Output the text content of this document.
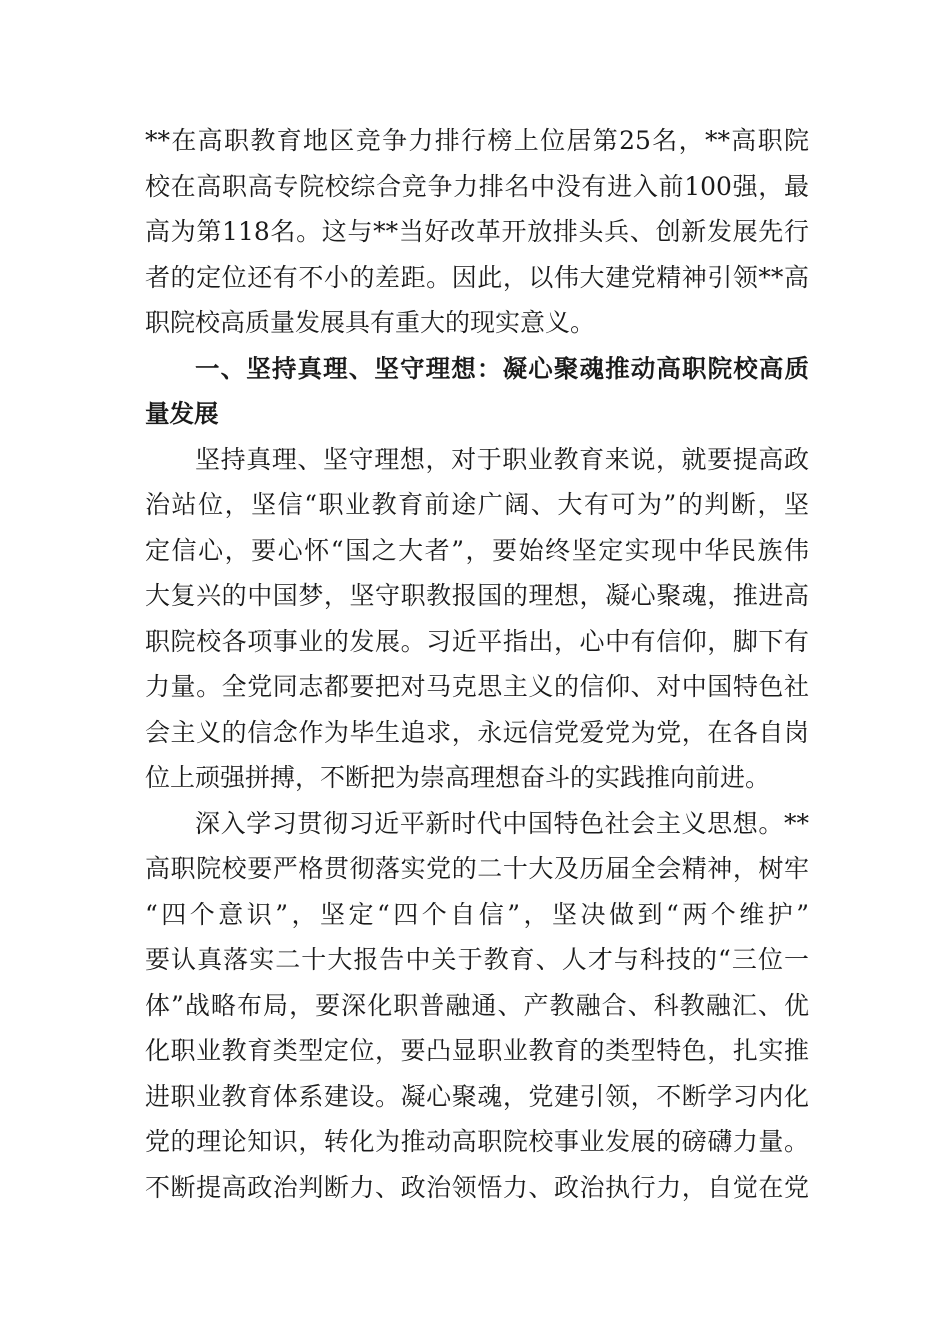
**在高职教育地区竞争力排行榜上位居第25名，**高职院
校在高职高专院校综合竞争力排名中没有进入前100强，最
高为第118名。这与**当好改革开放排头兵、创新发展先行
者的定位还有不小的差距。因此，以伟大建党精神引领**高
职院校高质量发展具有重大的现实意义。
一、坚持真理、坚守理想：凝心聚魂推动高职院校高质
量发展
坚持真理、坚守理想，对于职业教育来说，就要提高政
治站位，坚信“职业教育前途广阔、大有可为”的判断，坚
定信心，要心怀“国之大者”，要始终坚定实现中华民族伟
大复兴的中国梦，坚守职教报国的理想，凝心聚魂，推进高
职院校各项事业的发展。习近平指出，心中有信仰，脚下有
力量。全党同志都要把对马克思主义的信仰、对中国特色社
会主义的信念作为毕生追求，永远信党爱党为党，在各自岗
位上顽强拼搏，不断把为崇高理想奋斗的实践推向前进。
深入学习贯彻习近平新时代中国特色社会主义思想。**
高职院校要严格贯彻落实党的二十大及历届全会精神，树牢
“四个意识”，坚定“四个自信”，坚决做到“两个维护”
要认真落实二十大报告中关于教育、人才与科技的“三位一
体”战略布局，要深化职普融通、产教融合、科教融汇、优
化职业教育类型定位，要凸显职业教育的类型特色，扎实推
进职业教育体系建设。凝心聚魂，党建引领，不断学习内化
党的理论知识，转化为推动高职院校事业发展的磅礴力量。
不断提高政治判断力、政治领悟力、政治执行力，自觉在党
